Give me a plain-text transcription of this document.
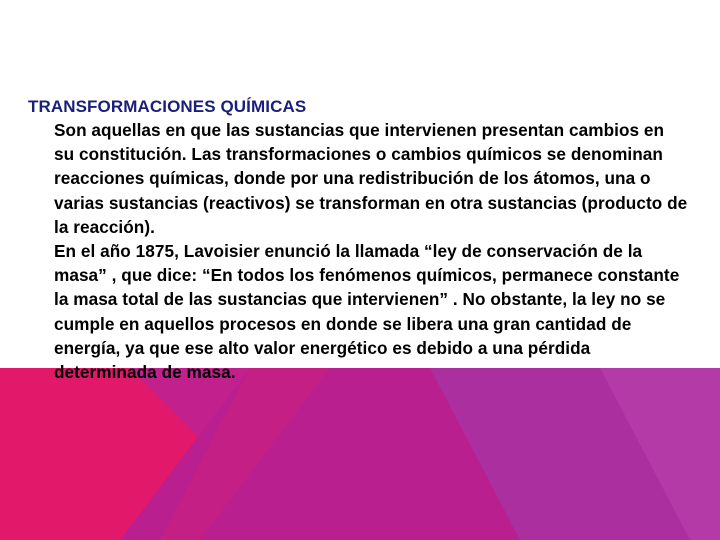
TRANSFORMACIONES QUÍMICAS

Son aquellas en que las sustancias que intervienen presentan cambios en su constitución. Las transformaciones o cambios químicos se denominan reacciones químicas, donde por una redistribución de los átomos, una o varias sustancias (reactivos) se transforman en otra sustancias (producto de la reacción).

En el año 1875, Lavoisier enunció la llamada “ley de conservación de la masa” , que dice: “En todos los fenómenos químicos, permanece constante la masa total de las sustancias que intervienen” . No obstante, la ley no se cumple en aquellos procesos en donde se libera una gran cantidad de energía, ya que ese alto valor energético es debido a una pérdida determinada de masa.
